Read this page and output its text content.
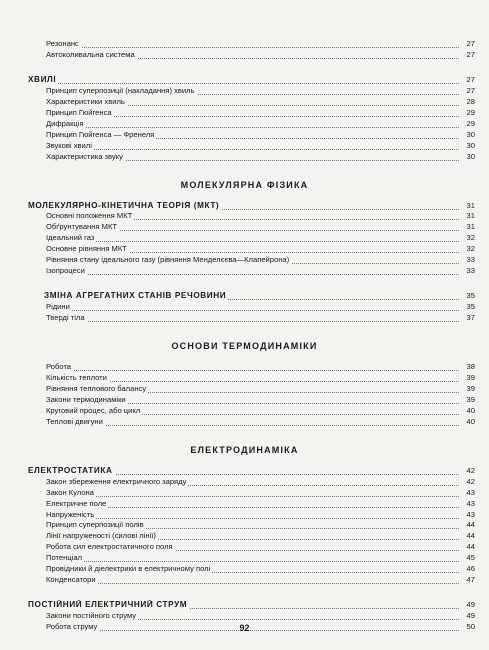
Резонанс	27
Автоколивальна система	27
ХВИЛІ	27
Принцип суперпозиції (накладання) хвиль	27
Характеристики хвиль	28
Принцип Гюйгенса	29
Дифракція	29
Принцип Гюйгенса — Френеля	30
Звукові хвилі	30
Характеристика звуку	30
МОЛЕКУЛЯРНА ФІЗИКА
МОЛЕКУЛЯРНО-КІНЕТИЧНА ТЕОРІЯ (МКТ)	31
Основні положення МКТ	31
Обґрунтування МКТ	31
Ідеальний газ	32
Основне рівняння МКТ	32
Рівняння стану ідеального газу (рівняння Менделєєва—Клапейрона)	33
Ізопроцеси	33
ЗМІНА АГРЕГАТНИХ СТАНІВ РЕЧОВИНИ	35
Рідини	35
Тверді тіла	37
ОСНОВИ ТЕРМОДИНАМІКИ
Робота	38
Кількість теплоти	39
Рівняння теплового балансу	39
Закони термодинаміки	39
Круговий процес, або цикл	40
Теплові двигуни	40
ЕЛЕКТРОДИНАМІКА
ЕЛЕКТРОСТАТИКА	42
Закон збереження електричного заряду	42
Закон Кулона	43
Електричне поле	43
Напруженість	43
Принцип суперпозиції полів	44
Лінії напруженості (силові лінії)	44
Робота сил електростатичного поля	44
Потенціал	45
Провідники й діелектрики в електричному полі	46
Конденсатори	47
ПОСТІЙНИЙ ЕЛЕКТРИЧНИЙ СТРУМ	49
Закони постійного струму	49
Робота струму	50
92
